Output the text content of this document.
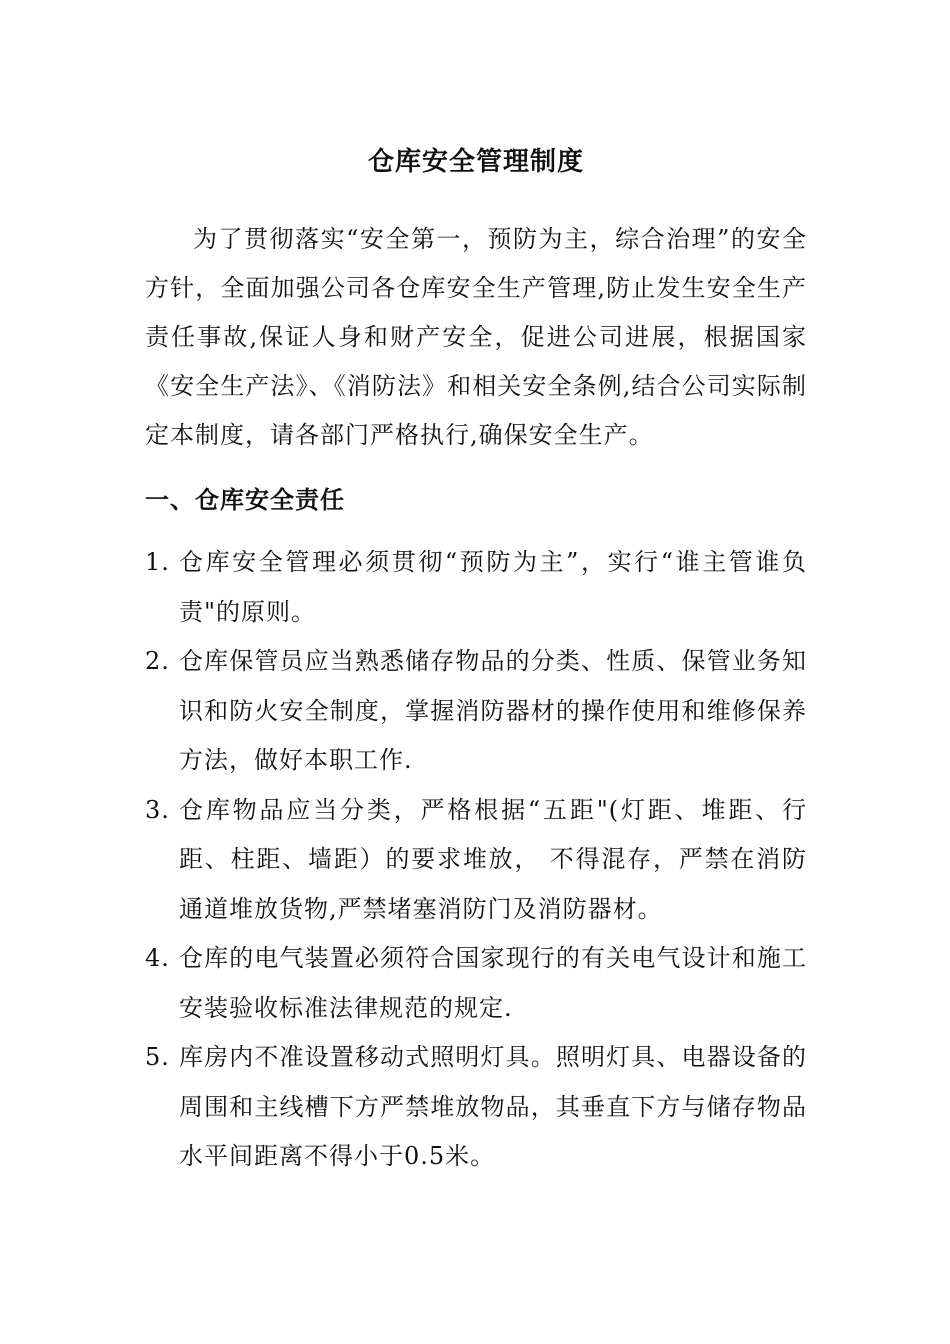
仓库安全管理制度

为了贯彻落实“安全第一，预防为主，综合治理”的安全方针，全面加强公司各仓库安全生产管理,防止发生安全生产责任事故,保证人身和财产安全，促进公司进展，根据国家《安全生产法》、《消防法》和相关安全条例,结合公司实际制定本制度，请各部门严格执行,确保安全生产。

一、仓库安全责任
1. 仓库安全管理必须贯彻“预防为主”，实行“谁主管谁负责"的原则。
2. 仓库保管员应当熟悉储存物品的分类、性质、保管业务知识和防火安全制度，掌握消防器材的操作使用和维修保养方法，做好本职工作.
3. 仓库物品应当分类，严格根据“五距"(灯距、堆距、行距、柱距、墙距）的要求堆放， 不得混存，严禁在消防通道堆放货物,严禁堵塞消防门及消防器材。
4. 仓库的电气装置必须符合国家现行的有关电气设计和施工安装验收标准法律规范的规定.
5. 库房内不准设置移动式照明灯具。照明灯具、电器设备的周围和主线槽下方严禁堆放物品，其垂直下方与储存物品水平间距离不得小于0.5米。
